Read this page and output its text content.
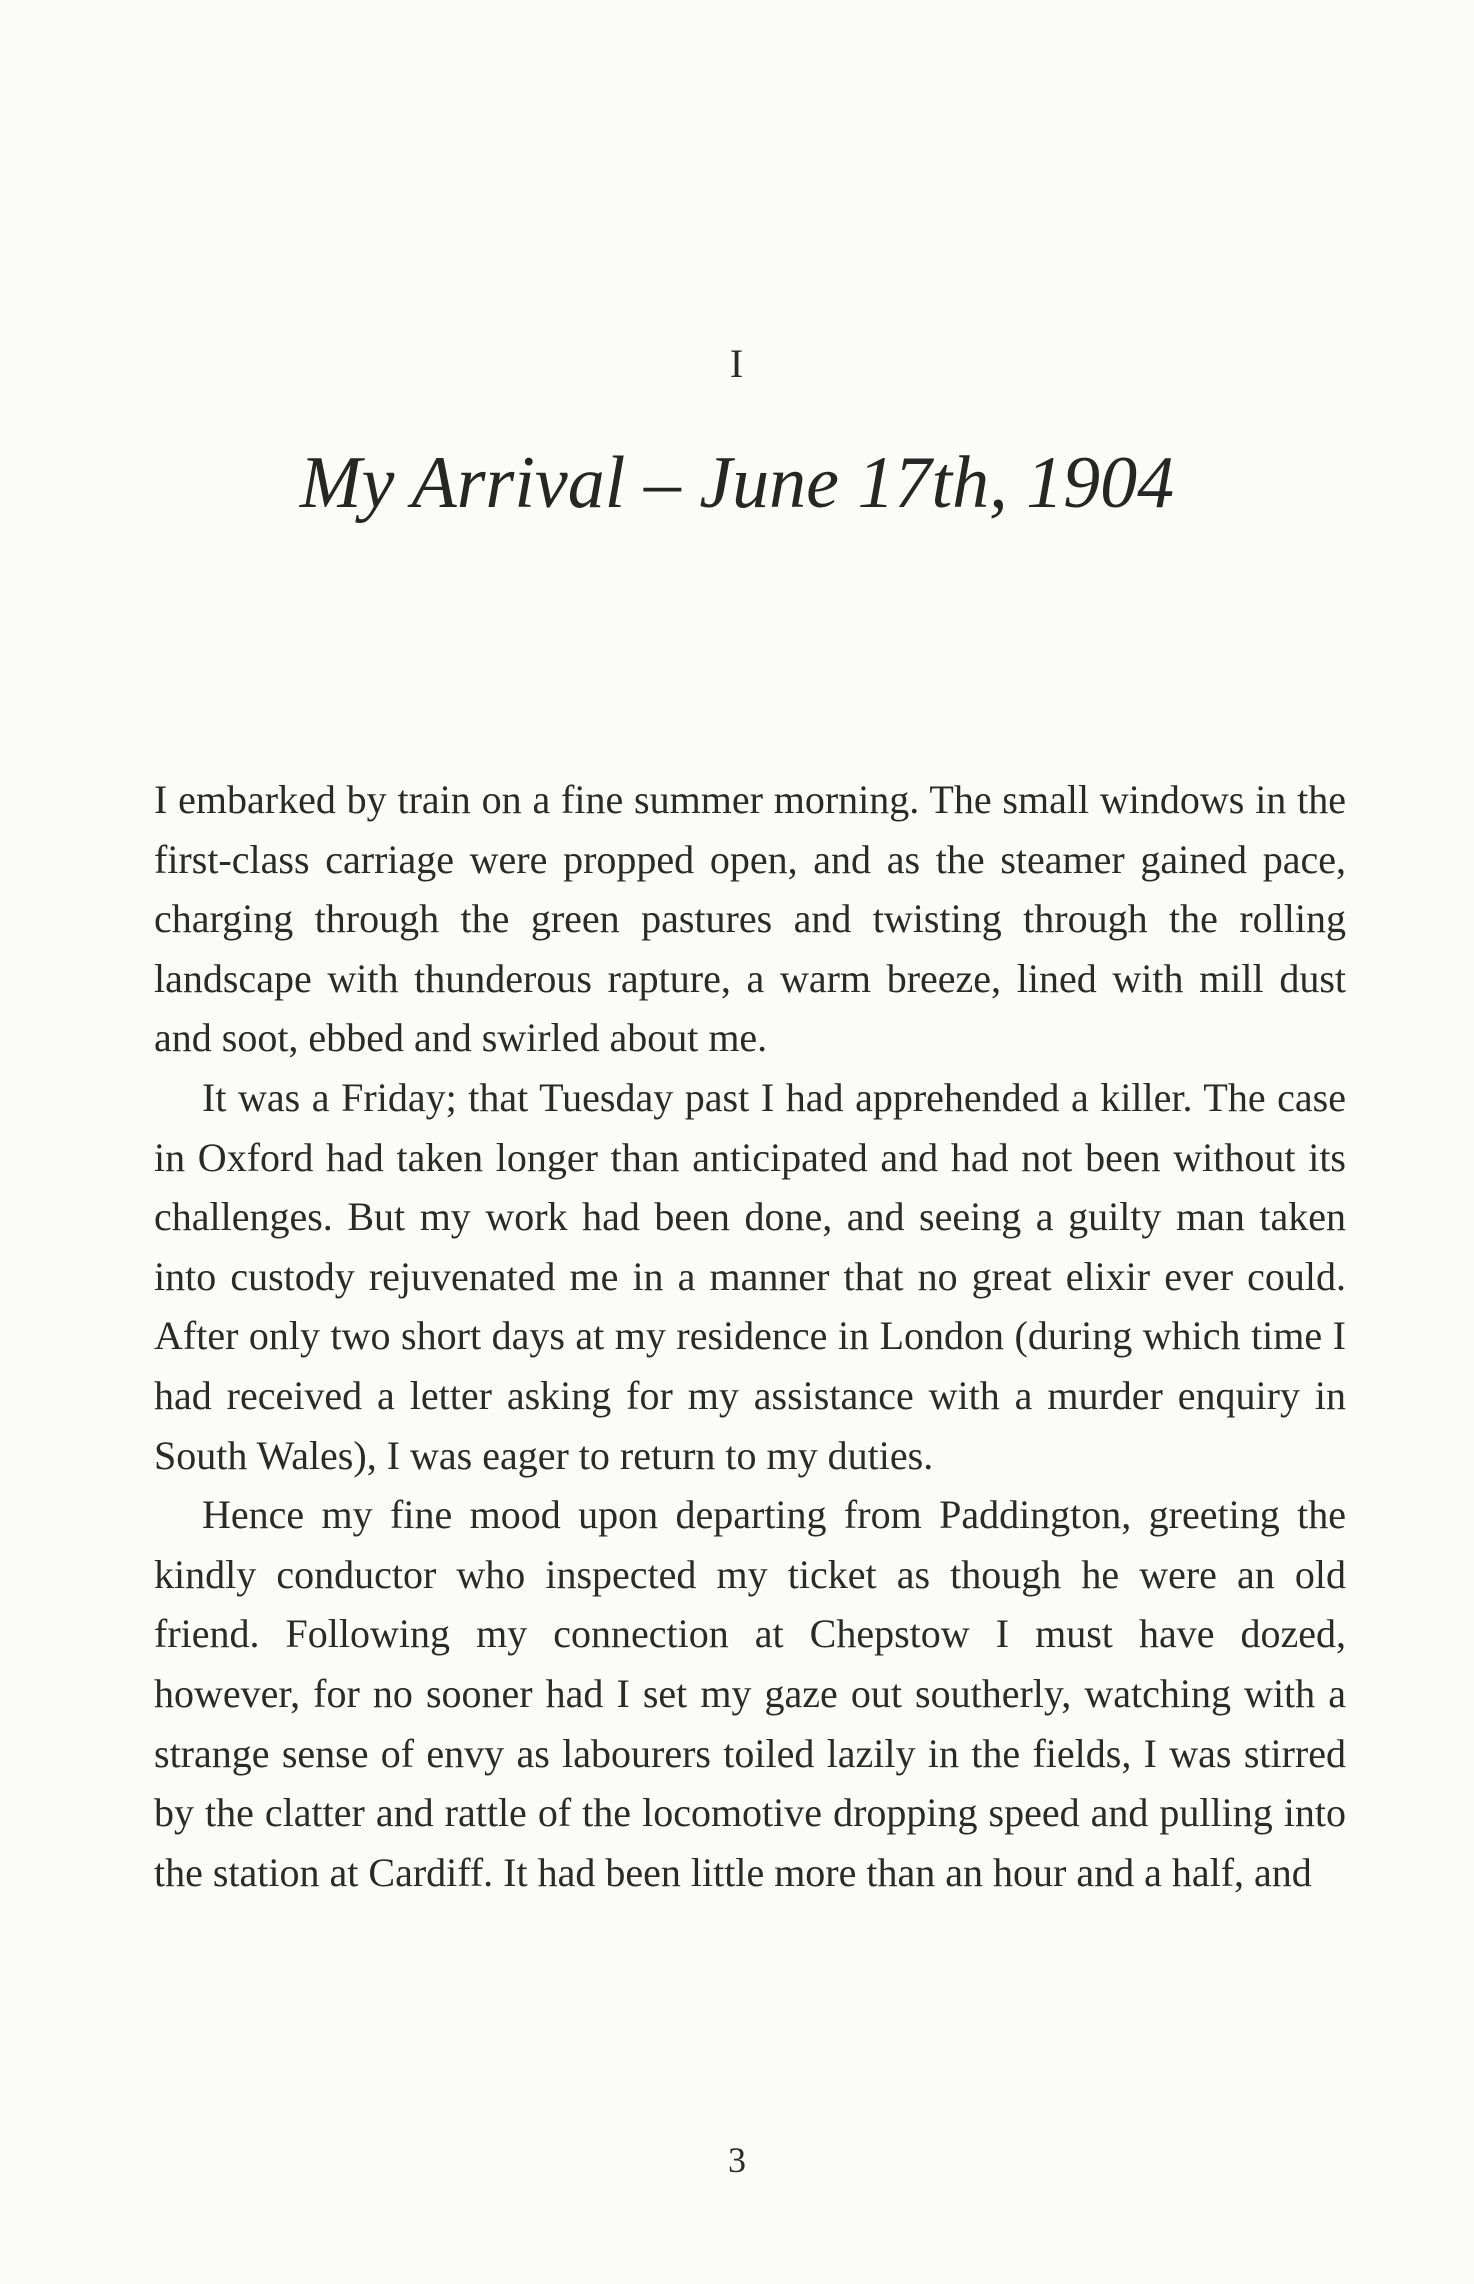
I
My Arrival – June 17th, 1904

I embarked by train on a fine summer morning. The small windows in the first-class carriage were propped open, and as the steamer gained pace, charging through the green pastures and twisting through the rolling landscape with thunderous rapture, a warm breeze, lined with mill dust and soot, ebbed and swirled about me.

It was a Friday; that Tuesday past I had apprehended a killer. The case in Oxford had taken longer than anticipated and had not been without its challenges. But my work had been done, and seeing a guilty man taken into custody rejuvenated me in a manner that no great elixir ever could. After only two short days at my residence in London (during which time I had received a letter asking for my assistance with a murder enquiry in South Wales), I was eager to return to my duties.

Hence my fine mood upon departing from Paddington, greeting the kindly conductor who inspected my ticket as though he were an old friend. Following my connection at Chepstow I must have dozed, however, for no sooner had I set my gaze out southerly, watching with a strange sense of envy as labourers toiled lazily in the fields, I was stirred by the clatter and rattle of the locomotive dropping speed and pulling into the station at Cardiff. It had been little more than an hour and a half, and

3
